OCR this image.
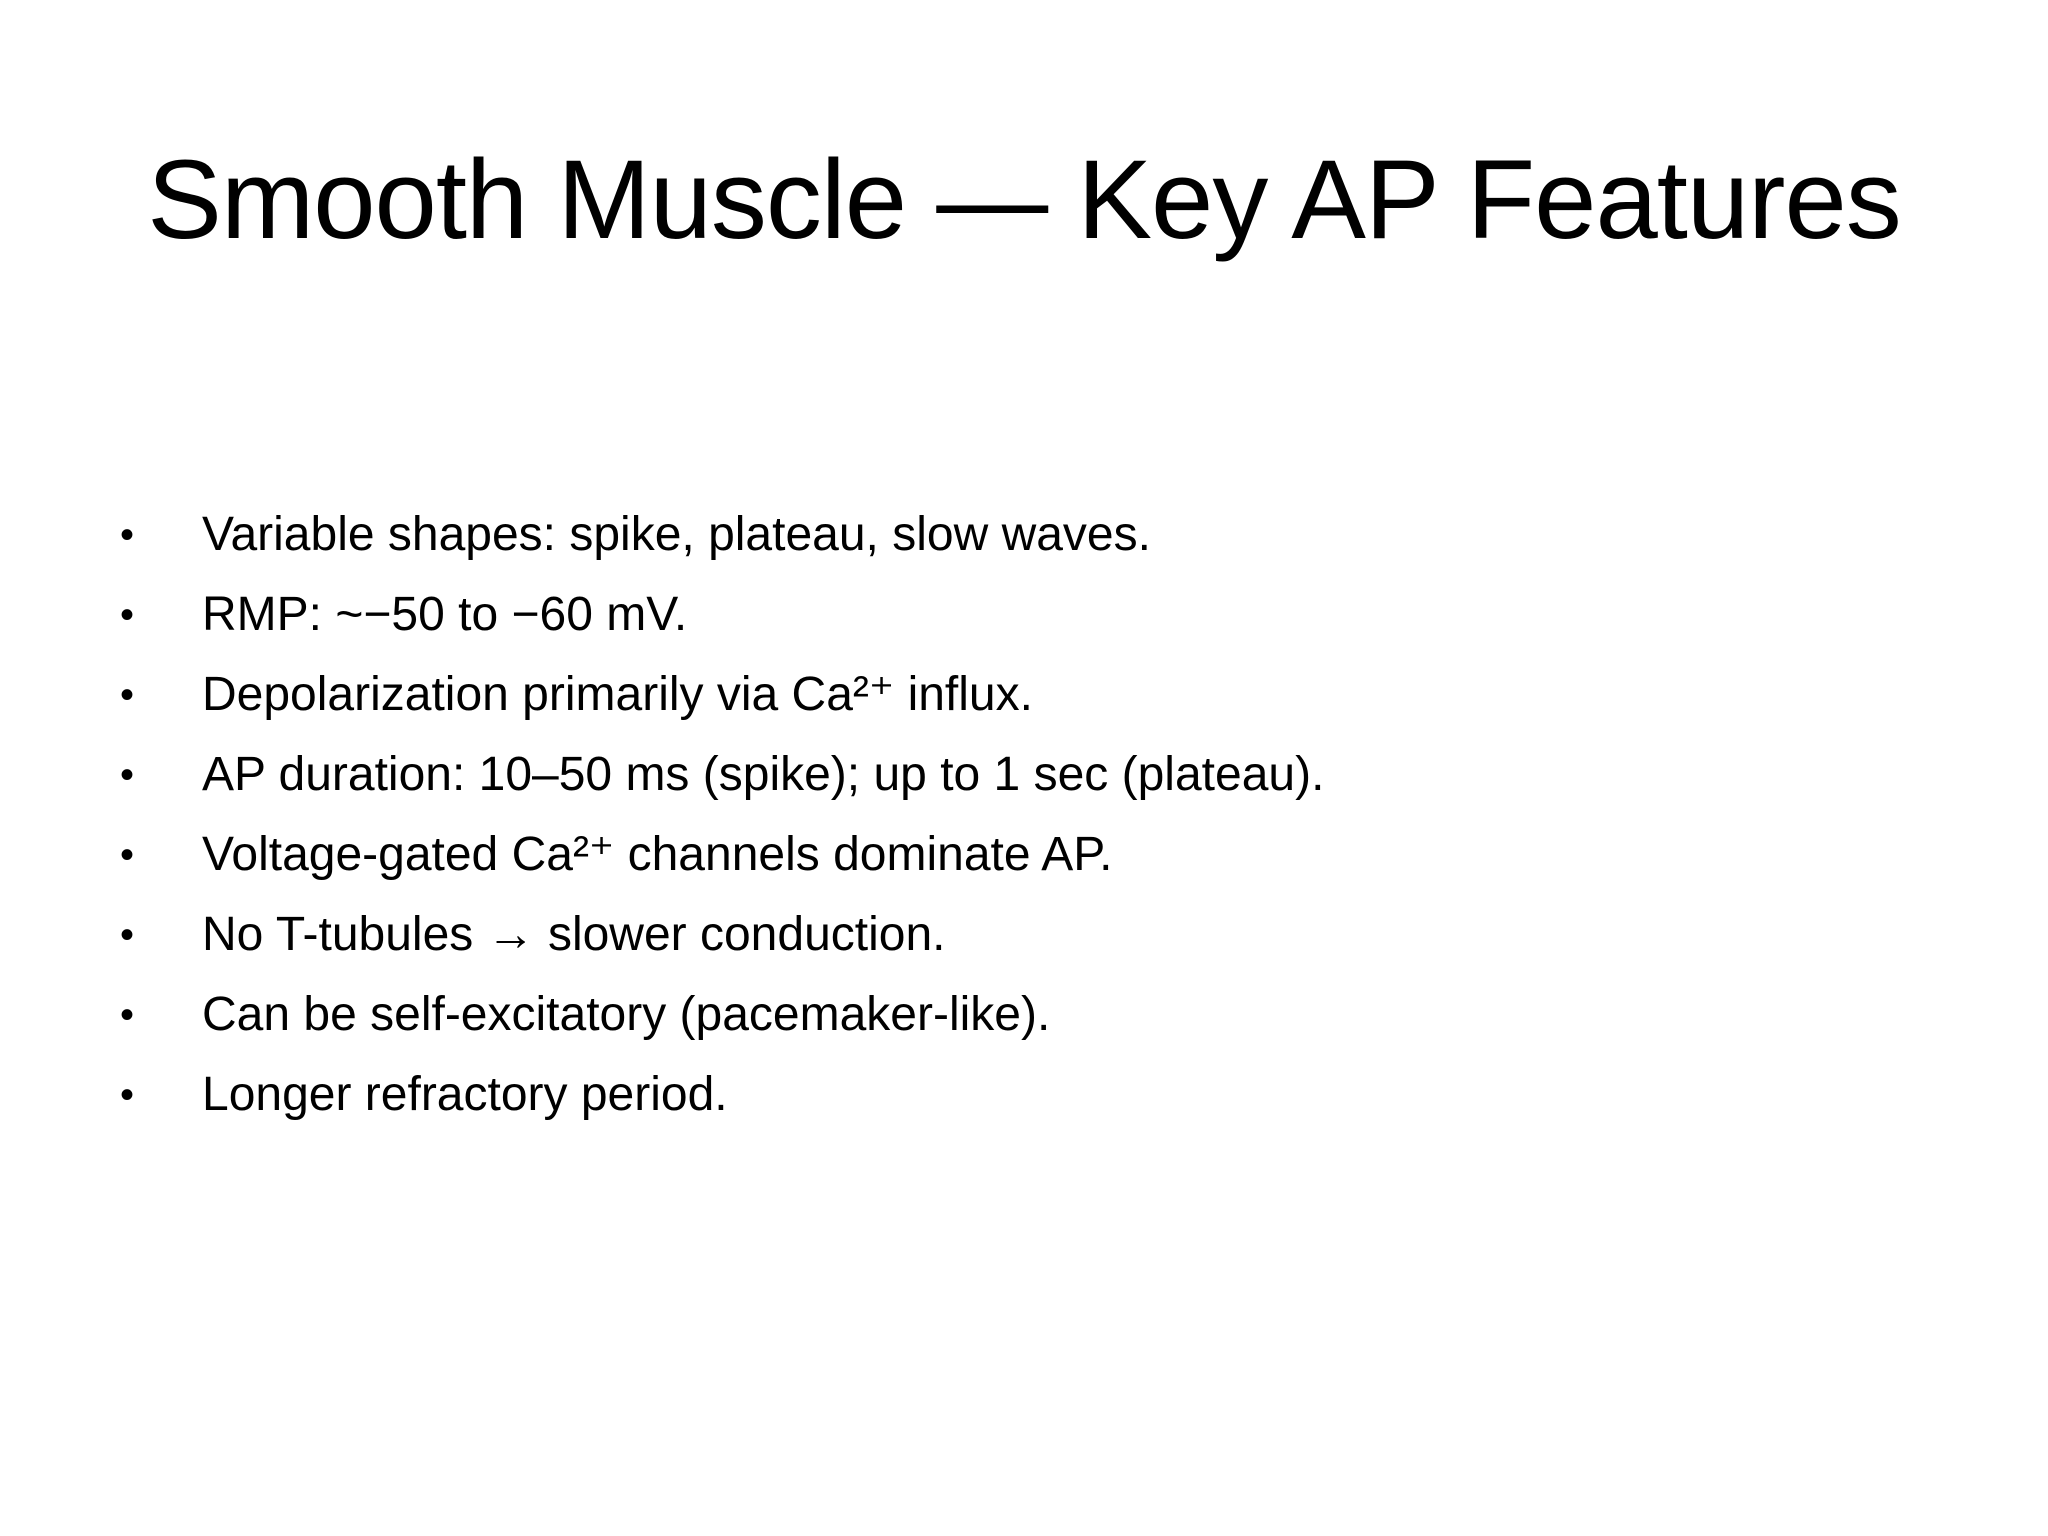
Smooth Muscle — Key AP Features
•	Variable shapes: spike, plateau, slow waves.
•	RMP: ~−50 to −60 mV.
•	Depolarization primarily via Ca²⁺ influx.
•	AP duration: 10–50 ms (spike); up to 1 sec (plateau).
•	Voltage-gated Ca²⁺ channels dominate AP.
•	No T-tubules → slower conduction.
•	Can be self-excitatory (pacemaker-like).
•	Longer refractory period.
